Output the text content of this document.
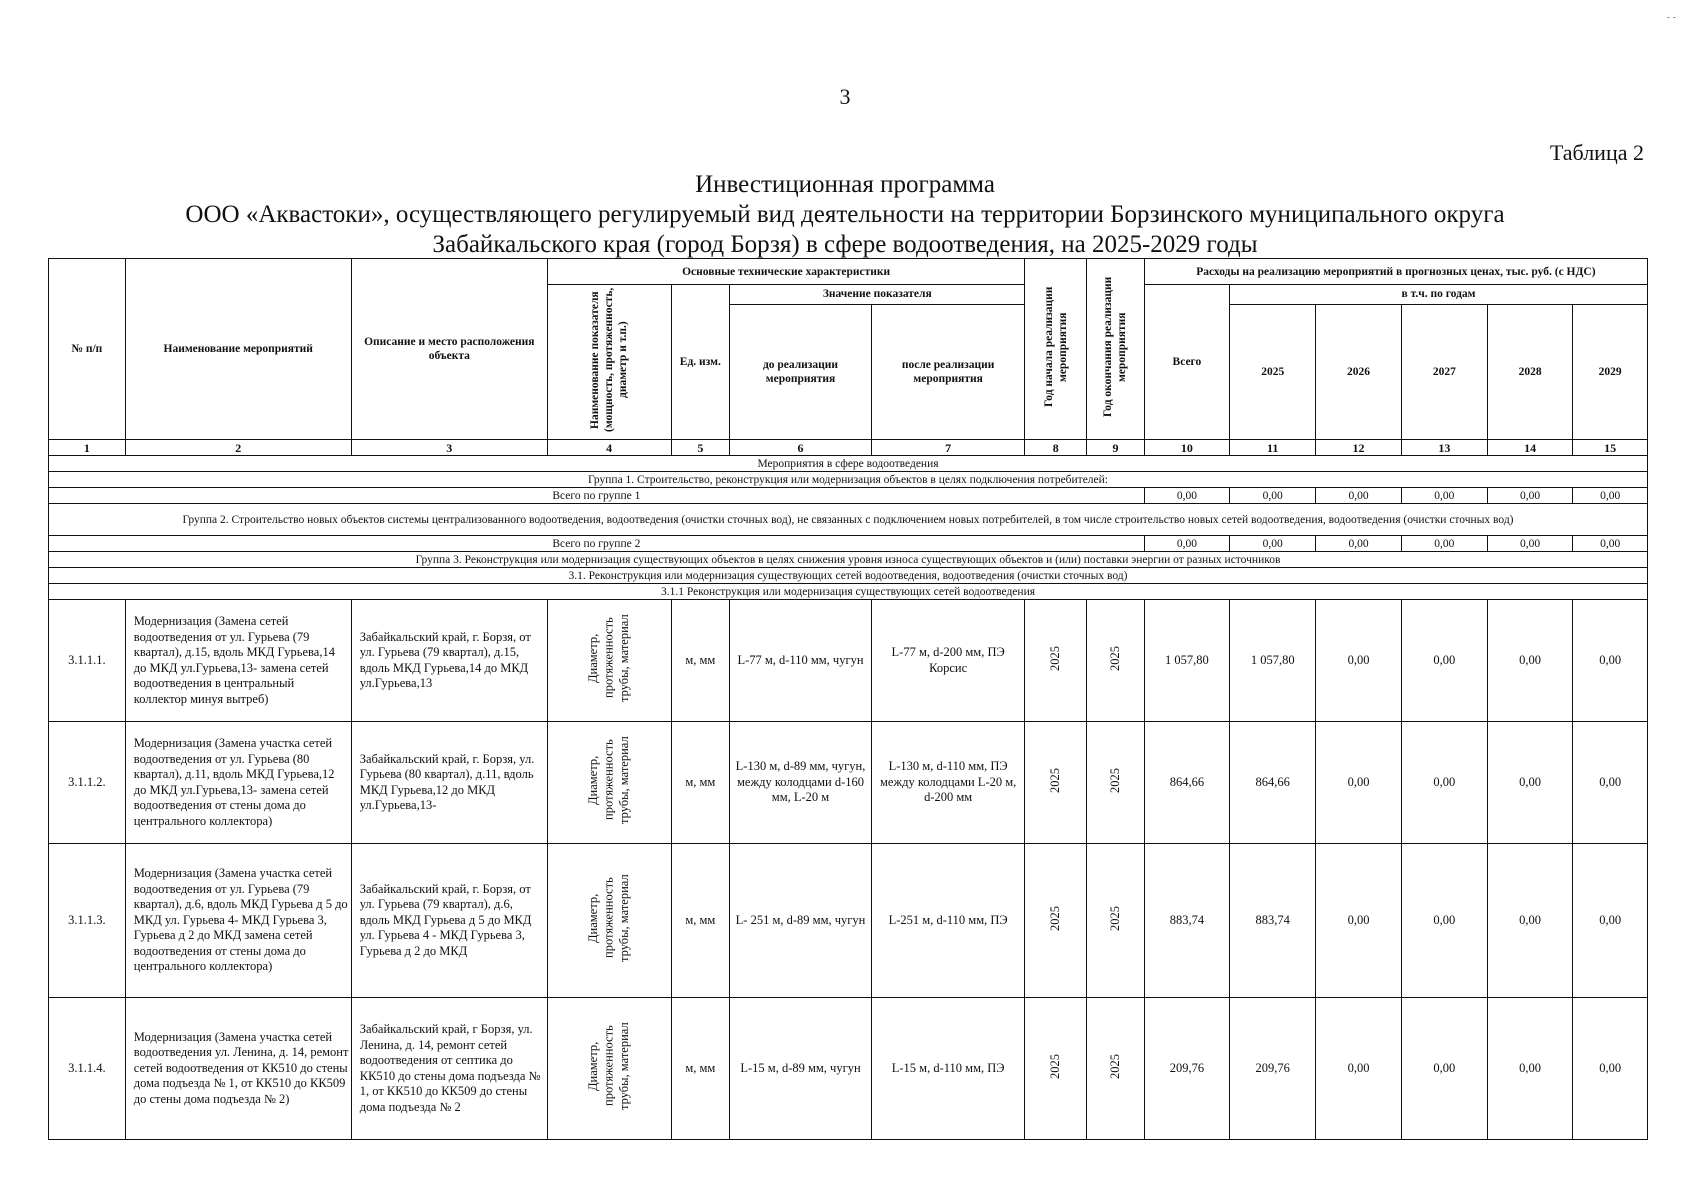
- -
3
Таблица 2
Инвестиционная программа
ООО «Аквастоки», осуществляющего регулируемый вид деятельности на территории Борзинского муниципального округа
Забайкальского края (город Борзя) в сфере водоотведения, на 2025-2029 годы
№ п/п	Наименование мероприятий	Описание и место расположения объекта	Основные технические характеристики				Год начала реализации мероприятия	Год окончания реализации мероприятия	Расходы на реализацию мероприятий в прогнозных ценах, тыс. руб. (с НДС)					
			Наименование показателя (мощность, протяженность, диаметр и т.п.)	Ед. изм.	Значение показателя				Всего	в т.ч. по годам				
					до реализации мероприятия	после реализации мероприятия				2025	2026	2027	2028	2029
1	2	3	4	5	6	7	8	9	10	11	12	13	14	15
Мероприятия в сфере водоотведения														
Группа 1. Строительство, реконструкция или модернизация объектов в целях подключения потребителей:														
Всего по группе 1									0,00	0,00	0,00	0,00	0,00	0,00
Группа 2. Строительство новых объектов системы централизованного водоотведения, водоотведения (очистки сточных вод), не связанных с подключением новых потребителей, в том числе строительство новых сетей водоотведения, водоотведения (очистки сточных вод)														
Всего по группе 2									0,00	0,00	0,00	0,00	0,00	0,00
Группа 3. Реконструкция или модернизация существующих объектов в целях снижения уровня износа существующих объектов и (или) поставки энергии от разных источников														
3.1. Реконструкция или модернизация существующих сетей водоотведения, водоотведения (очистки сточных вод)														
3.1.1 Реконструкция или модернизация существующих сетей водоотведения														
3.1.1.1.	Модернизация (Замена сетей водоотведения от ул. Гурьева (79 квартал), д.15, вдоль МКД Гурьева,14 до МКД ул.Гурьева,13- замена сетей водоотведения в центральный коллектор минуя вытреб)	Забайкальский край, г. Борзя, от ул. Гурьева (79 квартал), д.15, вдоль МКД Гурьева,14 до МКД ул.Гурьева,13	Диаметр, протяженность трубы, материал	м, мм	L-77 м, d-110 мм, чугун	L-77 м, d-200 мм, ПЭ Корсис	2025	2025	1 057,80	1 057,80	0,00	0,00	0,00	0,00
3.1.1.2.	Модернизация (Замена участка сетей водоотведения от ул. Гурьева (80 квартал), д.11, вдоль МКД Гурьева,12 до МКД ул.Гурьева,13- замена сетей водоотведения от стены дома до центрального коллектора)	Забайкальский край, г. Борзя, ул. Гурьева (80 квартал), д.11, вдоль МКД Гурьева,12 до МКД ул.Гурьева,13-	Диаметр, протяженность трубы, материал	м, мм	L-130 м, d-89 мм, чугун, между колодцами d-160 мм, L-20 м	L-130 м, d-110 мм, ПЭ между колодцами L-20 м, d-200 мм	2025	2025	864,66	864,66	0,00	0,00	0,00	0,00
3.1.1.3.	Модернизация (Замена участка сетей водоотведения от ул. Гурьева (79 квартал), д.6, вдоль МКД Гурьева д 5 до МКД ул. Гурьева 4- МКД Гурьева 3, Гурьева д 2 до МКД замена сетей водоотведения от стены дома до центрального коллектора)	Забайкальский край, г. Борзя, от ул. Гурьева (79 квартал), д.6, вдоль МКД Гурьева д 5 до МКД ул. Гурьева 4 - МКД Гурьева 3, Гурьева д 2 до МКД	Диаметр, протяженность трубы, материал	м, мм	L- 251 м, d-89 мм, чугун	L-251 м, d-110 мм, ПЭ	2025	2025	883,74	883,74	0,00	0,00	0,00	0,00
3.1.1.4.	Модернизация (Замена участка сетей водоотведения ул. Ленина, д. 14, ремонт сетей водоотведения от КК510 до стены дома подъезда № 1, от КК510 до КК509 до стены дома подъезда № 2)	Забайкальский край, г Борзя, ул. Ленина, д. 14, ремонт сетей водоотведения от септика до КК510 до стены дома подъезда № 1, от КК510 до КК509 до стены дома подъезда № 2	Диаметр, протяженность трубы, материал	м, мм	L-15 м, d-89 мм, чугун	L-15 м, d-110 мм, ПЭ	2025	2025	209,76	209,76	0,00	0,00	0,00	0,00
